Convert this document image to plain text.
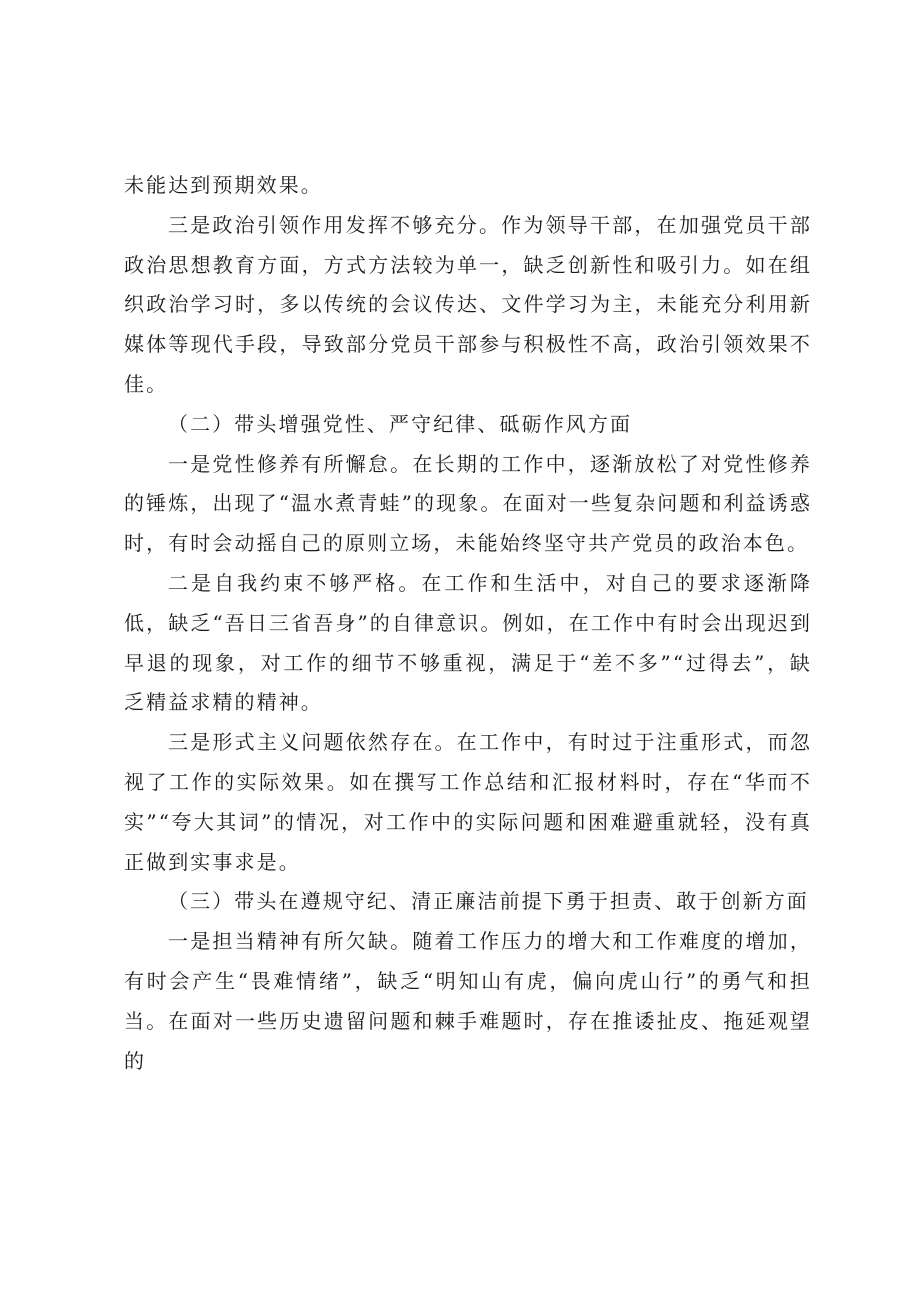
未能达到预期效果。

三是政治引领作用发挥不够充分。作为领导干部，在加强党员干部政治思想教育方面，方式方法较为单一，缺乏创新性和吸引力。如在组织政治学习时，多以传统的会议传达、文件学习为主，未能充分利用新媒体等现代手段，导致部分党员干部参与积极性不高，政治引领效果不佳。

（二）带头增强党性、严守纪律、砥砺作风方面

一是党性修养有所懈怠。在长期的工作中，逐渐放松了对党性修养的锤炼，出现了“温水煮青蛙”的现象。在面对一些复杂问题和利益诱惑时，有时会动摇自己的原则立场，未能始终坚守共产党员的政治本色。

二是自我约束不够严格。在工作和生活中，对自己的要求逐渐降低，缺乏“吾日三省吾身”的自律意识。例如，在工作中有时会出现迟到早退的现象，对工作的细节不够重视，满足于“差不多”“过得去”，缺乏精益求精的精神。

三是形式主义问题依然存在。在工作中，有时过于注重形式，而忽视了工作的实际效果。如在撰写工作总结和汇报材料时，存在“华而不实”“夸大其词”的情况，对工作中的实际问题和困难避重就轻，没有真正做到实事求是。

（三）带头在遵规守纪、清正廉洁前提下勇于担责、敢于创新方面

一是担当精神有所欠缺。随着工作压力的增大和工作难度的增加，有时会产生“畏难情绪”，缺乏“明知山有虎，偏向虎山行”的勇气和担当。在面对一些历史遗留问题和棘手难题时，存在推诿扯皮、拖延观望的
